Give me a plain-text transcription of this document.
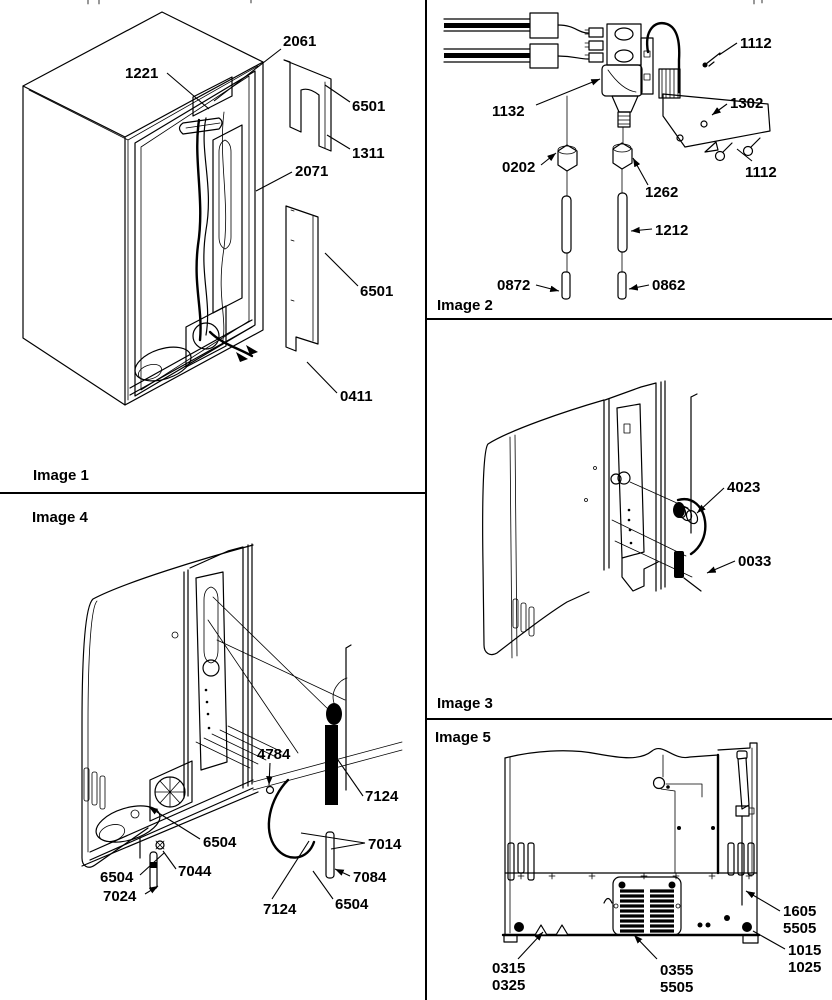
Image 1
2061
1221
6501
1311
2071
6501
0411
Image 2
1112
1132	1302
0202
1262
1112
1212
0872	0862
Image 3
4023
0033
Image 4
4784
7124
6504	7014
6504	7044	7084
7024
7124	6504
Image 5
1605 5505
1015 1025
0315 0325
0355 5505
